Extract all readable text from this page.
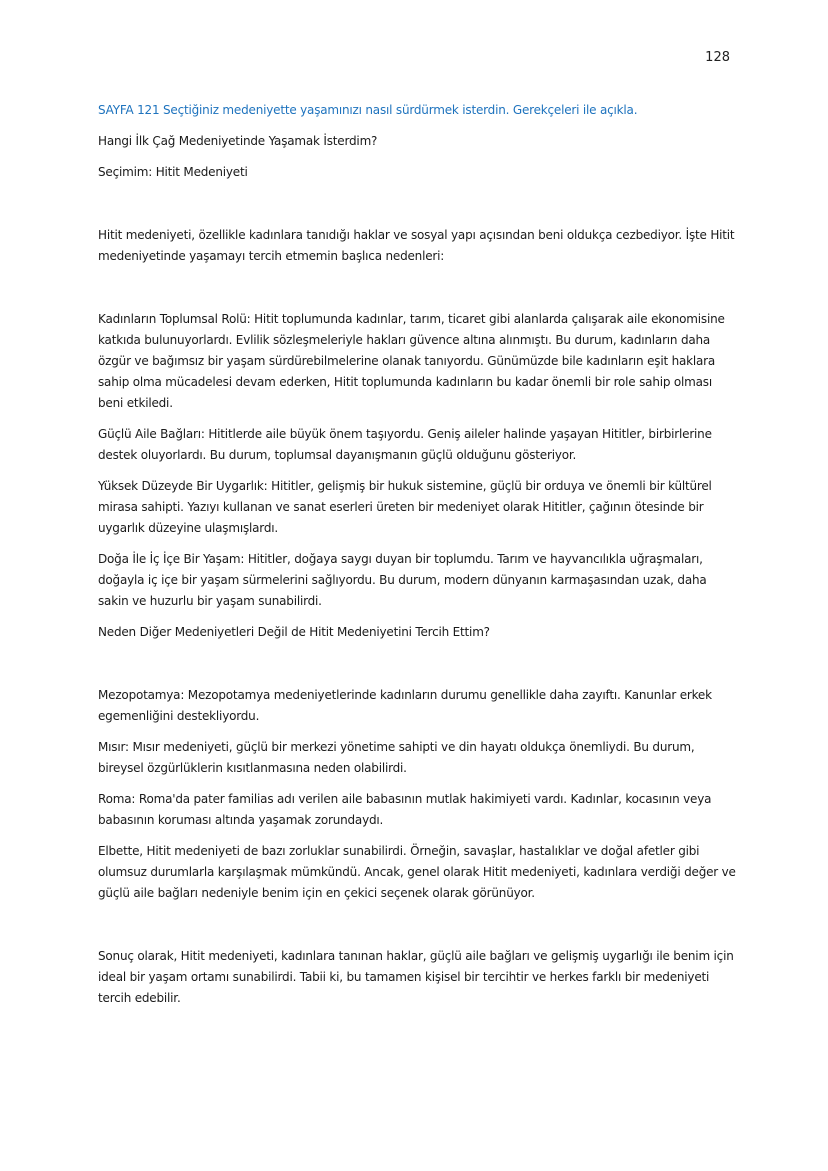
128

SAYFA 121 Seçtiğiniz medeniyette yaşamınızı nasıl sürdürmek isterdin. Gerekçeleri ile açıkla.

Hangi İlk Çağ Medeniyetinde Yaşamak İsterdim?

Seçimim: Hitit Medeniyeti

Hitit medeniyeti, özellikle kadınlara tanıdığı haklar ve sosyal yapı açısından beni oldukça cezbediyor. İşte Hitit medeniyetinde yaşamayı tercih etmemin başlıca nedenleri:

Kadınların Toplumsal Rolü: Hitit toplumunda kadınlar, tarım, ticaret gibi alanlarda çalışarak aile ekonomisine katkıda bulunuyorlardı. Evlilik sözleşmeleriyle hakları güvence altına alınmıştı. Bu durum, kadınların daha özgür ve bağımsız bir yaşam sürdürebilmelerine olanak tanıyordu. Günümüzde bile kadınların eşit haklara sahip olma mücadelesi devam ederken, Hitit toplumunda kadınların bu kadar önemli bir role sahip olması beni etkiledi.

Güçlü Aile Bağları: Hititlerde aile büyük önem taşıyordu. Geniş aileler halinde yaşayan Hititler, birbirlerine destek oluyorlardı. Bu durum, toplumsal dayanışmanın güçlü olduğunu gösteriyor.

Yüksek Düzeyde Bir Uygarlık: Hititler, gelişmiş bir hukuk sistemine, güçlü bir orduya ve önemli bir kültürel mirasa sahipti. Yazıyı kullanan ve sanat eserleri üreten bir medeniyet olarak Hititler, çağının ötesinde bir uygarlık düzeyine ulaşmışlardı.

Doğa İle İç İçe Bir Yaşam: Hititler, doğaya saygı duyan bir toplumdu. Tarım ve hayvancılıkla uğraşmaları, doğayla iç içe bir yaşam sürmelerini sağlıyordu. Bu durum, modern dünyanın karmaşasından uzak, daha sakin ve huzurlu bir yaşam sunabilirdi.

Neden Diğer Medeniyetleri Değil de Hitit Medeniyetini Tercih Ettim?

Mezopotamya: Mezopotamya medeniyetlerinde kadınların durumu genellikle daha zayıftı. Kanunlar erkek egemenliğini destekliyordu.

Mısır: Mısır medeniyeti, güçlü bir merkezi yönetime sahipti ve din hayatı oldukça önemliydi. Bu durum, bireysel özgürlüklerin kısıtlanmasına neden olabilirdi.

Roma: Roma'da pater familias adı verilen aile babasının mutlak hakimiyeti vardı. Kadınlar, kocasının veya babasının koruması altında yaşamak zorundaydı.

Elbette, Hitit medeniyeti de bazı zorluklar sunabilirdi. Örneğin, savaşlar, hastalıklar ve doğal afetler gibi olumsuz durumlarla karşılaşmak mümkündü. Ancak, genel olarak Hitit medeniyeti, kadınlara verdiği değer ve güçlü aile bağları nedeniyle benim için en çekici seçenek olarak görünüyor.

Sonuç olarak, Hitit medeniyeti, kadınlara tanınan haklar, güçlü aile bağları ve gelişmiş uygarlığı ile benim için ideal bir yaşam ortamı sunabilirdi. Tabii ki, bu tamamen kişisel bir tercihtir ve herkes farklı bir medeniyeti tercih edebilir.
